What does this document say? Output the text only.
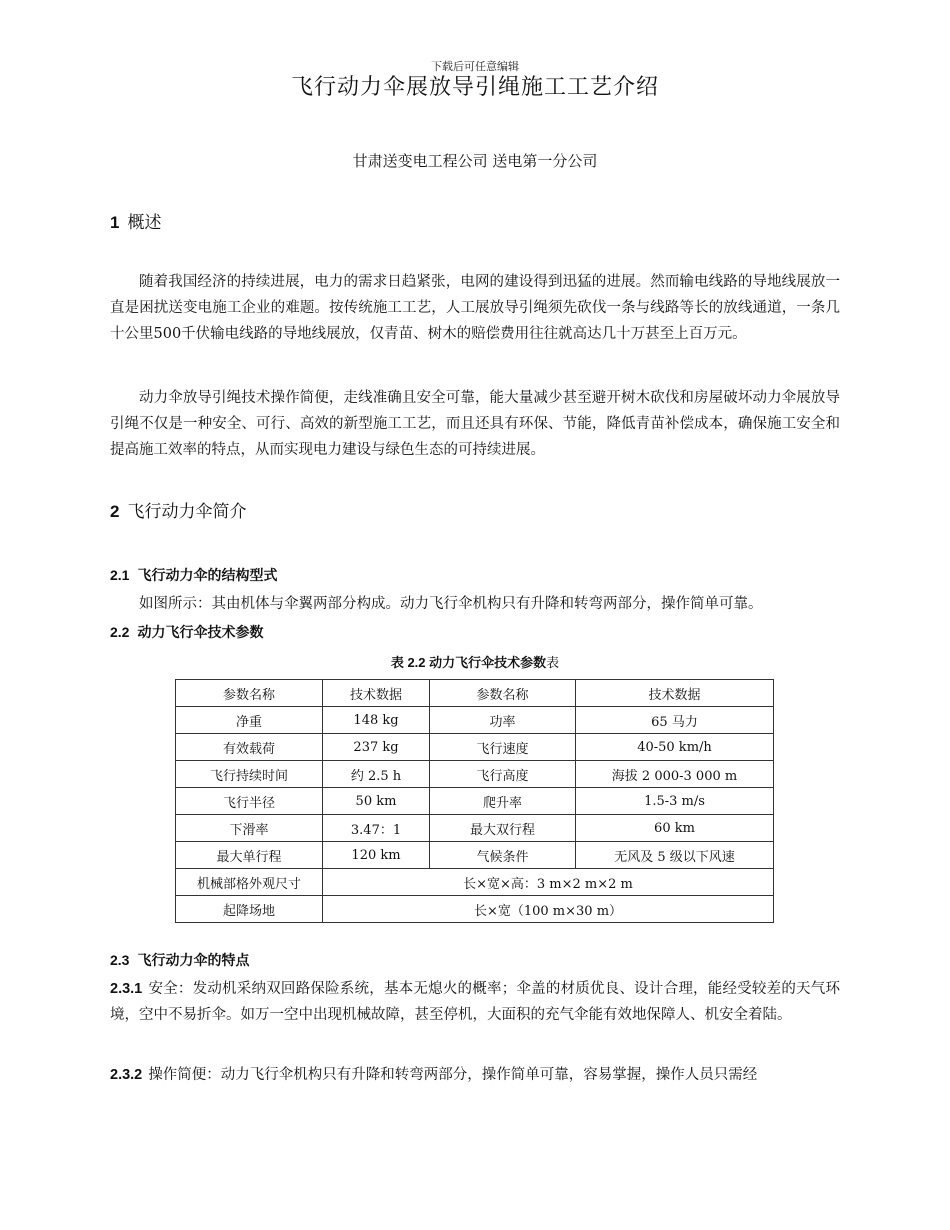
下载后可任意编辑
飞行动力伞展放导引绳施工工艺介绍
甘肃送变电工程公司 送电第一分公司
1 概述
随着我国经济的持续进展，电力的需求日趋紧张，电网的建设得到迅猛的进展。然而输电线路的导地线展放一直是困扰送变电施工企业的难题。按传统施工工艺，人工展放导引绳须先砍伐一条与线路等长的放线通道，一条几十公里500千伏输电线路的导地线展放，仅青苗、树木的赔偿费用往往就高达几十万甚至上百万元。
动力伞放导引绳技术操作简便，走线准确且安全可靠，能大量减少甚至避开树木砍伐和房屋破坏动力伞展放导引绳不仅是一种安全、可行、高效的新型施工工艺，而且还具有环保、节能，降低青苗补偿成本，确保施工安全和提高施工效率的特点，从而实现电力建设与绿色生态的可持续进展。
2 飞行动力伞简介
2.1 飞行动力伞的结构型式
如图所示：其由机体与伞翼两部分构成。动力飞行伞机构只有升降和转弯两部分，操作简单可靠。
2.2 动力飞行伞技术参数
表 2.2 动力飞行伞技术参数表
参数名称	技术数据	参数名称	技术数据
净重	148 kg	功率	65 马力
有效载荷	237 kg	飞行速度	40-50 km/h
飞行持续时间	约 2.5 h	飞行高度	海拔 2 000-3 000 m
飞行半径	50 km	爬升率	1.5-3 m/s
下滑率	3.47：1	最大双行程	60 km
最大单行程	120 km	气候条件	无风及 5 级以下风速
机械部格外观尺寸	长×宽×高：3 m×2 m×2 m		
起降场地	长×宽（100 m×30 m）		
2.3 飞行动力伞的特点
2.3.1 安全：发动机采纳双回路保险系统，基本无熄火的概率；伞盖的材质优良、设计合理，能经受较差的天气环境，空中不易折伞。如万一空中出现机械故障，甚至停机，大面积的充气伞能有效地保障人、机安全着陆。
2.3.2 操作简便：动力飞行伞机构只有升降和转弯两部分，操作简单可靠，容易掌握，操作人员只需经
